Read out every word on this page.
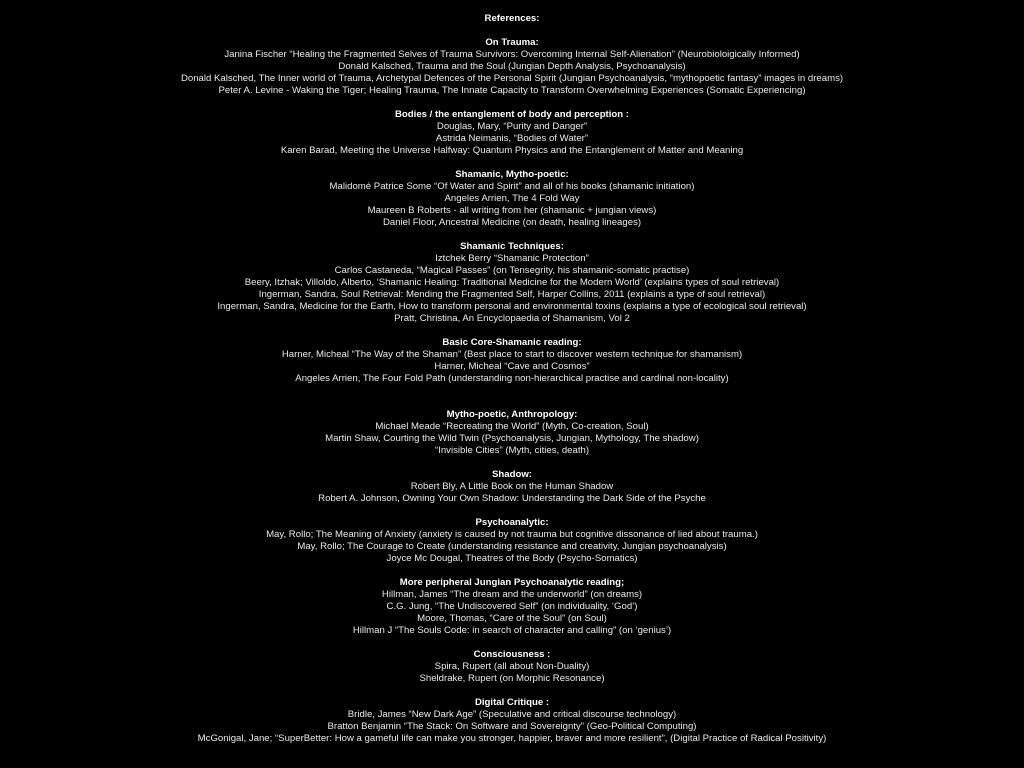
References:
On Trauma:
Janina Fischer “Healing the Fragmented Selves of Trauma Survivors: Overcoming Internal Self-Alienation” (Neurobioloigically Informed)
Donald Kalsched, Trauma and the Soul (Jungian Depth Analysis, Psychoanalysis)
Donald Kalsched, The Inner world of Trauma, Archetypal Defences of the Personal Spirit (Jungian Psychoanalysis, “mythopoetic fantasy” images in dreams)
Peter A. Levine - Waking the Tiger; Healing Trauma, The Innate Capacity to Transform Overwhelming Experiences (Somatic Experiencing)
Bodies / the entanglement of body and perception :
Douglas, Mary, “Purity and Danger”
Astrida Neimanis, “Bodies of Water”
Karen Barad, Meeting the Universe Halfway: Quantum Physics and the Entanglement of Matter and Meaning
Shamanic, Mytho-poetic:
Malidomé Patrice Some “Of Water and Spirit” and all of his books (shamanic initiation)
Angeles Arrien, The 4 Fold Way
Maureen B Roberts - all writing from her (shamanic + jungian views)
Daniel Floor, Ancestral Medicine (on death, healing lineages)
Shamanic Techniques:
Iztchek Berry “Shamanic Protection”
Carlos Castaneda, “Magical Passes” (on Tensegrity, his shamanic-somatic practise)
Beery, Itzhak; Villoldo, Alberto, ‘Shamanic Healing: Traditional Medicine for the Modern World’ (explains types of soul retrieval)
Ingerman, Sandra, Soul Retrieval: Mending the Fragmented Self, Harper Collins, 2011 (explains a type of soul retrieval)
Ingerman, Sandra, Medicine for the Earth, How to transform personal and environmental toxins (explains a type of ecological soul retrieval)
Pratt, Christina, An Encyclopaedia of Shamanism, Vol 2
Basic Core-Shamanic reading:
Harner, Micheal “The Way of the Shaman” (Best place to start to discover western technique for shamanism)
Harner, Micheal “Cave and Cosmos”
Angeles Arrien, The Four Fold Path (understanding non-hierarchical practise and cardinal non-locality)
Mytho-poetic, Anthropology:
Michael Meade “Recreating the World” (Myth, Co-creation, Soul)
Martin Shaw, Courting the Wild Twin (Psychoanalysis, Jungian, Mythology, The shadow)
“Invisible Cities” (Myth, cities, death)
Shadow:
Robert Bly, A Little Book on the Human Shadow
Robert A. Johnson, Owning Your Own Shadow: Understanding the Dark Side of the Psyche
Psychoanalytic:
May, Rollo; The Meaning of Anxiety (anxiety is caused by not trauma but cognitive dissonance of lied about trauma.)
May, Rollo; The Courage to Create (understanding resistance and creativity, Jungian psychoanalysis)
Joyce Mc Dougal, Theatres of the Body (Psycho-Somatics)
More peripheral Jungian Psychoanalytic reading;
Hillman, James “The dream and the underworld” (on dreams)
C.G. Jung, “The Undiscovered Self” (on individuality, ‘God’)
Moore, Thomas, “Care of the Soul” (on Soul)
Hillman J “The Souls Code: in search of character and calling” (on ‘genius’)
Consciousness :
Spira, Rupert (all about Non-Duality)
Sheldrake, Rupert (on Morphic Resonance)
Digital Critique :
Bridle, James “New Dark Age” (Speculative and critical discourse technology)
Bratton Benjamin “The Stack: On Software and Sovereignty” (Geo-Political Computing)
McGonigal, Jane; “SuperBetter: How a gameful life can make you stronger, happier, braver and more resilient”, (Digital Practice of Radical Positivity)
